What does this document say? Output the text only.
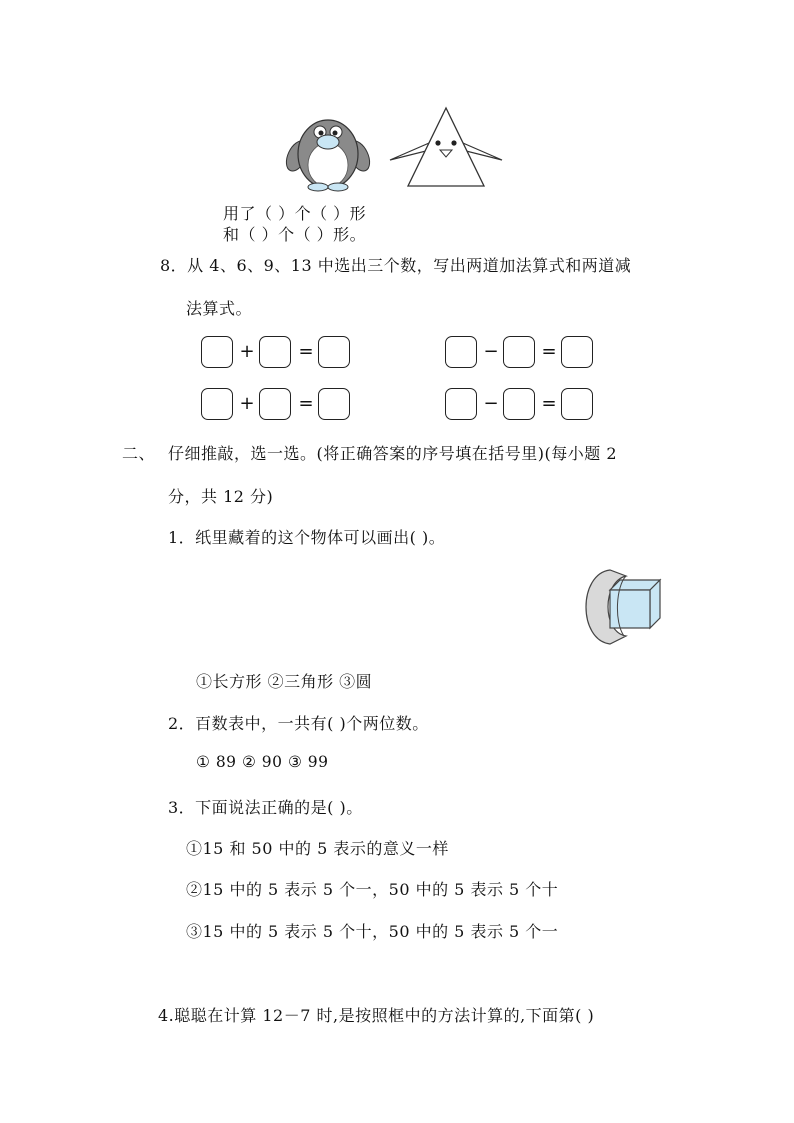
用了（ ）个（ ）形
和（ ）个（ ）形。
8．从 4、6、9、13 中选出三个数，写出两道加法算式和两道减
法算式。
+ =	− =
+ =	− =
二、 仔细推敲，选一选。(将正确答案的序号填在括号里)(每小题 2
分，共 12 分)
1．纸里藏着的这个物体可以画出( )。
①长方形 ②三角形 ③圆
2．百数表中，一共有( )个两位数。
① 89 ② 90 ③ 99
3．下面说法正确的是( )。
①15 和 50 中的 5 表示的意义一样
②15 中的 5 表示 5 个一，50 中的 5 表示 5 个十
③15 中的 5 表示 5 个十，50 中的 5 表示 5 个一
4.聪聪在计算 12－7 时,是按照框中的方法计算的,下面第( )
